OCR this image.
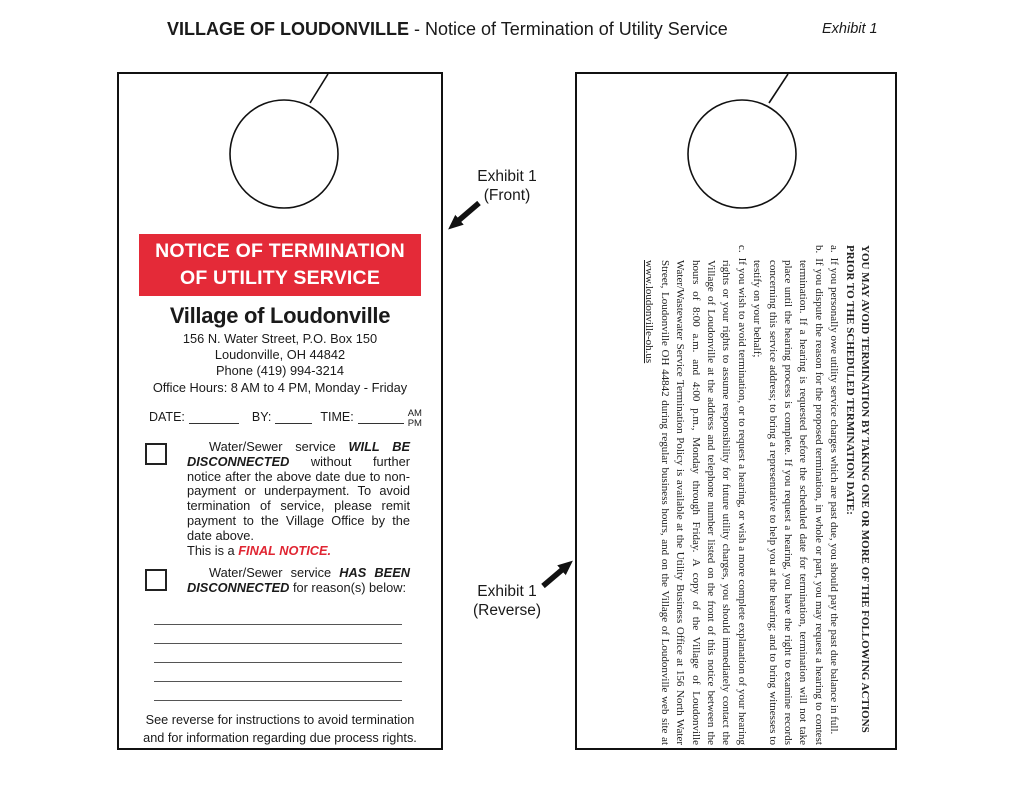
VILLAGE OF LOUDONVILLE - Notice of Termination of Utility Service	Exhibit 1
NOTICE OF TERMINATION
OF UTILITY SERVICE
Village of Loudonville
156 N. Water Street, P.O. Box 150
Loudonville, OH 44842
Phone (419) 994-3214
Office Hours: 8 AM to 4 PM, Monday - Friday
DATE:	BY:	TIME:	AM
PM
Water/Sewer service WILL BE DISCONNECTED without further notice after the above date due to non-payment or underpayment. To avoid termination of service, please remit payment to the Village Office by the date above.
This is a FINAL NOTICE.
Water/Sewer service HAS BEEN DISCONNECTED for reason(s) below:
See reverse for instructions to avoid termination
and for information regarding due process rights.
Exhibit 1
(Front)
Exhibit 1
(Reverse)	YOU MAY AVOID TERMINATION BY TAKING ONE OR MORE OF THE FOLLOWING ACTIONS PRIOR TO THE SCHEDULED TERMINATION DATE:
a.If you personally owe utility service charges which are past due, you should pay the past due balance in full.
b.If you dispute the reason for the proposed termination, in whole or part, you may request a hearing to contest termination. If a hearing is requested before the scheduled date for termination, termination will not take place until the hearing process is complete. If you request a hearing, you have the right to examine records concerning this service address; to bring a representative to help you at the hearing; and to bring witnesses to testify on your behalf;
c.If you wish to avoid termination, or to request a hearing, or wish a more complete explanation of your hearing rights or your rights to assume responsibility for future utility charges, you should immediately contact the Village of Loudonville at the address and telephone number listed on the front of this notice between the hours of 8:00 a.m. and 4:00 p.m., Monday through Friday. A copy of the Village of Loudonville Water/Wastewater Service Termination Policy is available at the Utility Business Office at 156 North Water Street, Loudonville OH 44842 during regular business hours, and on the Village of Loudonville web site at www.loudonville-oh.us
